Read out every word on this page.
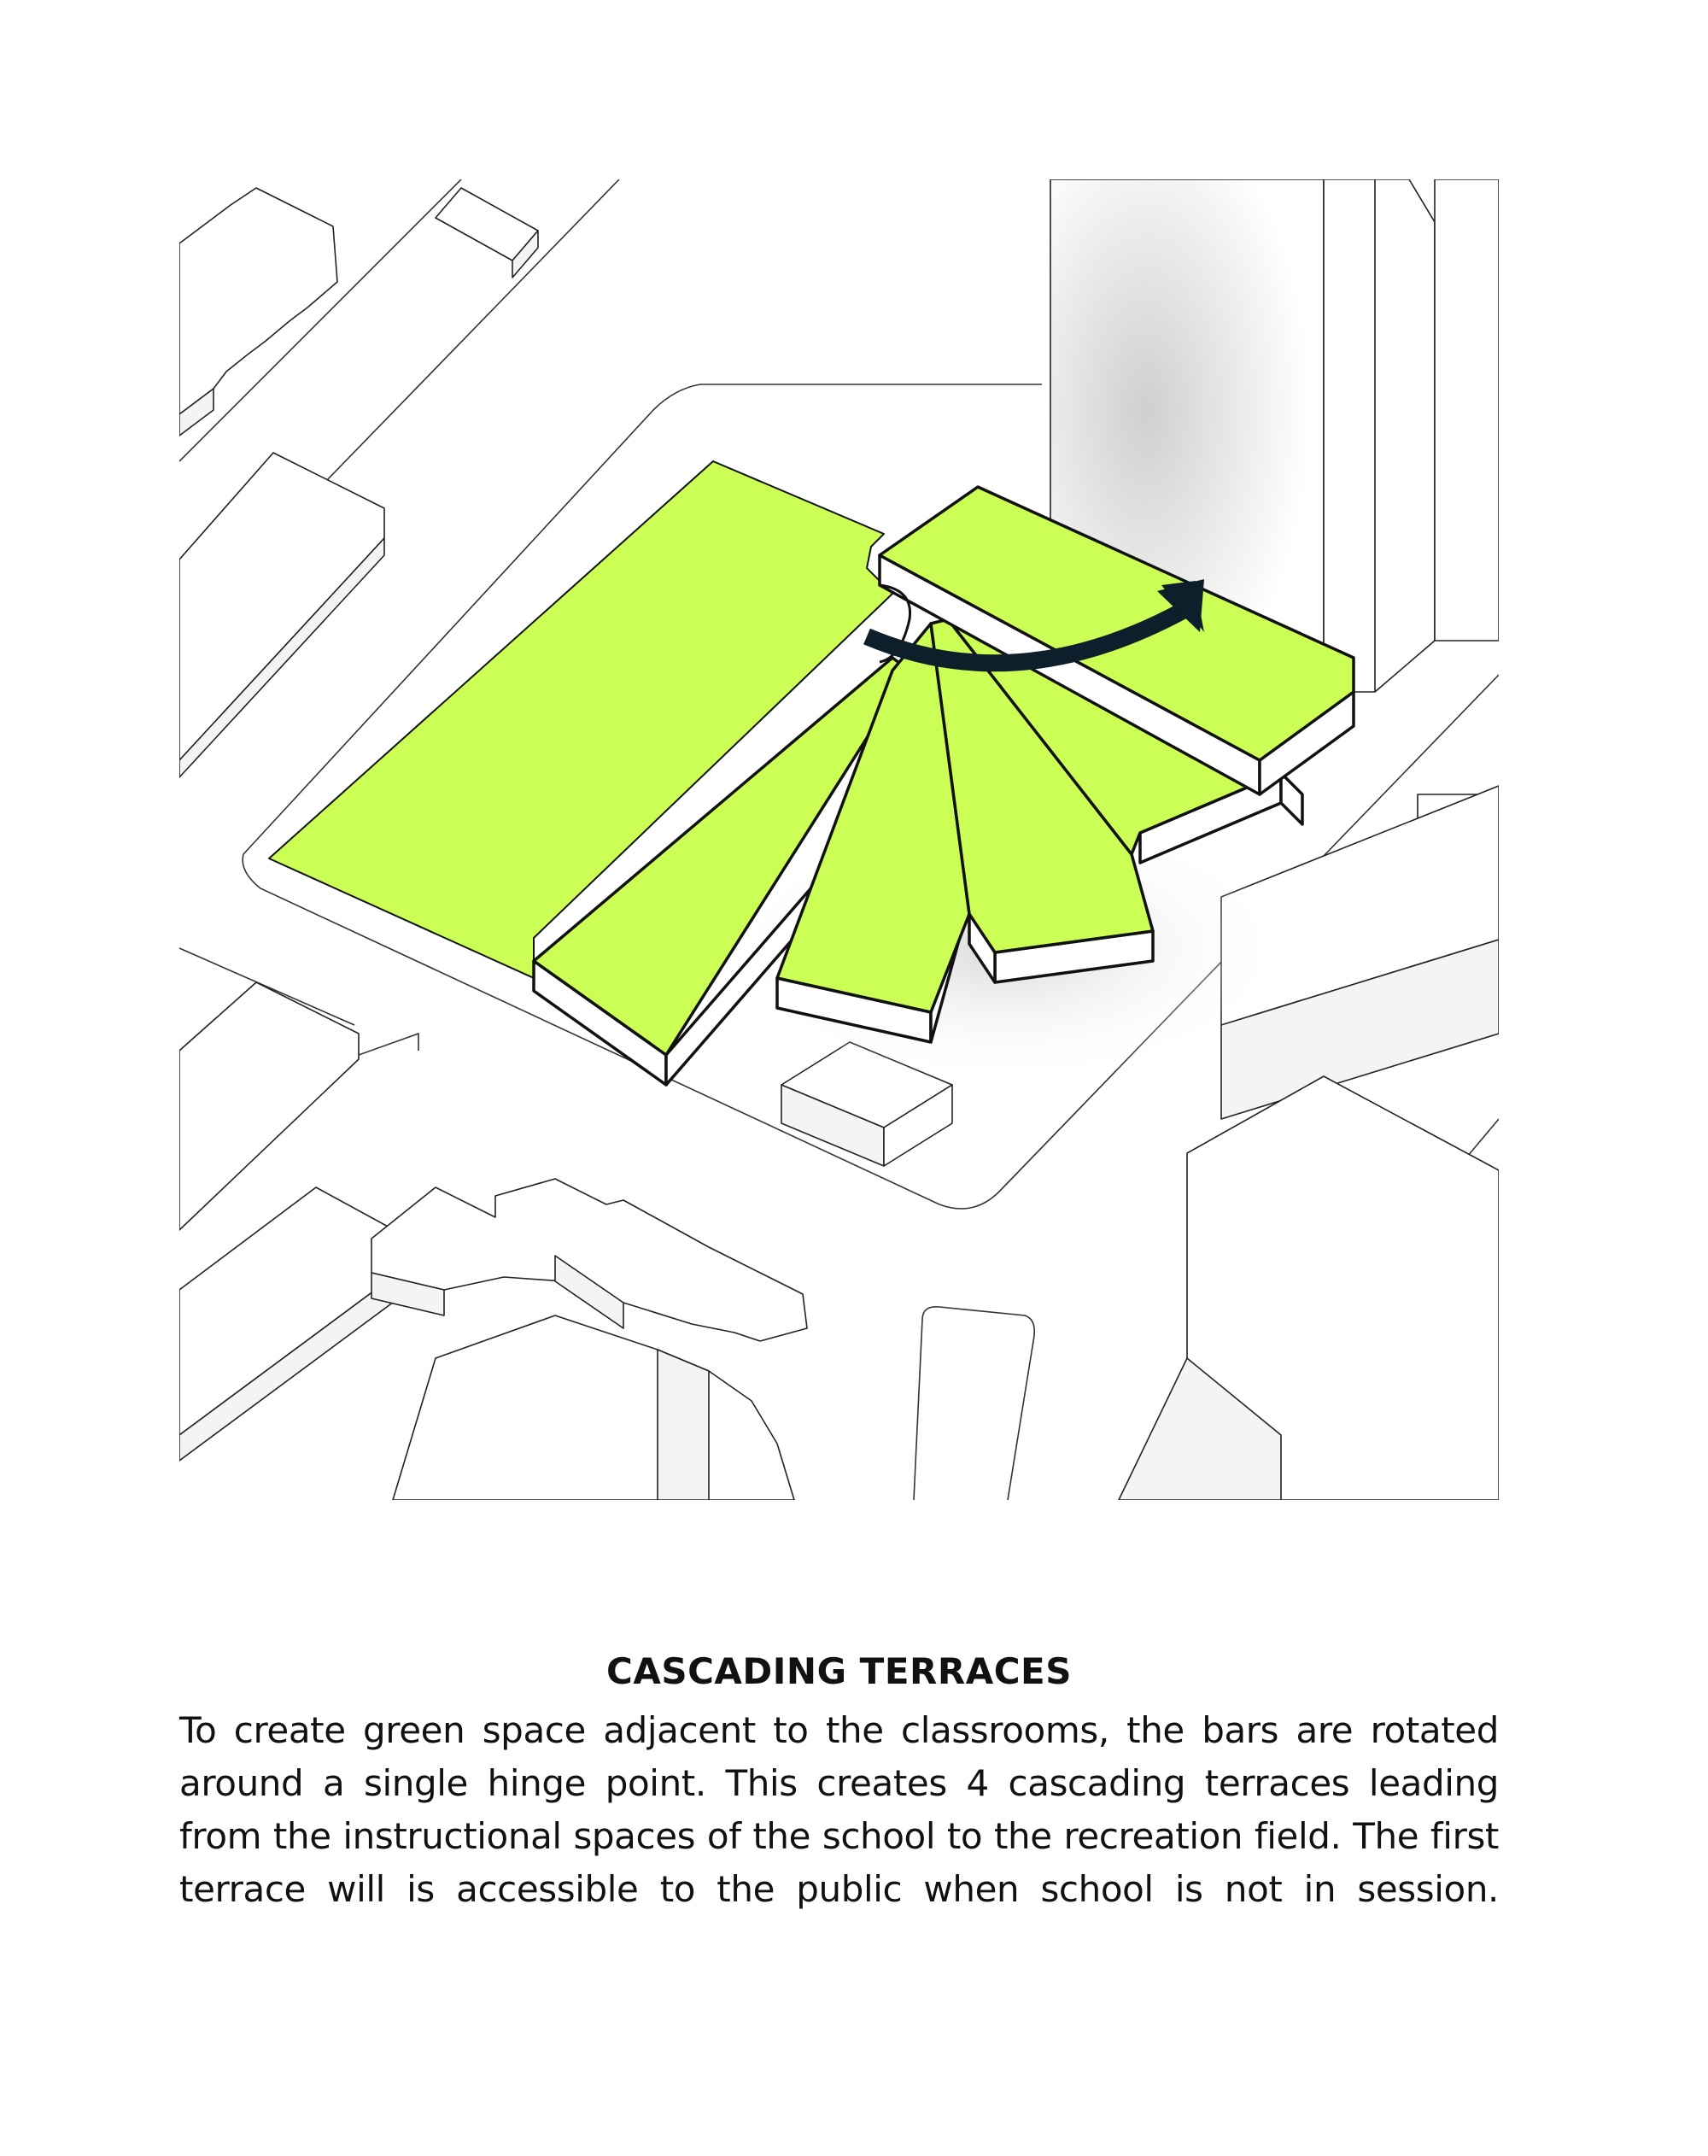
CASCADING TERRACES

To create green space adjacent to the classrooms, the bars are rotated around a single hinge point. This creates 4 cascading terraces leading from the instructional spaces of the school to the recreation field. The first terrace will is accessible to the public when school is not in session.
